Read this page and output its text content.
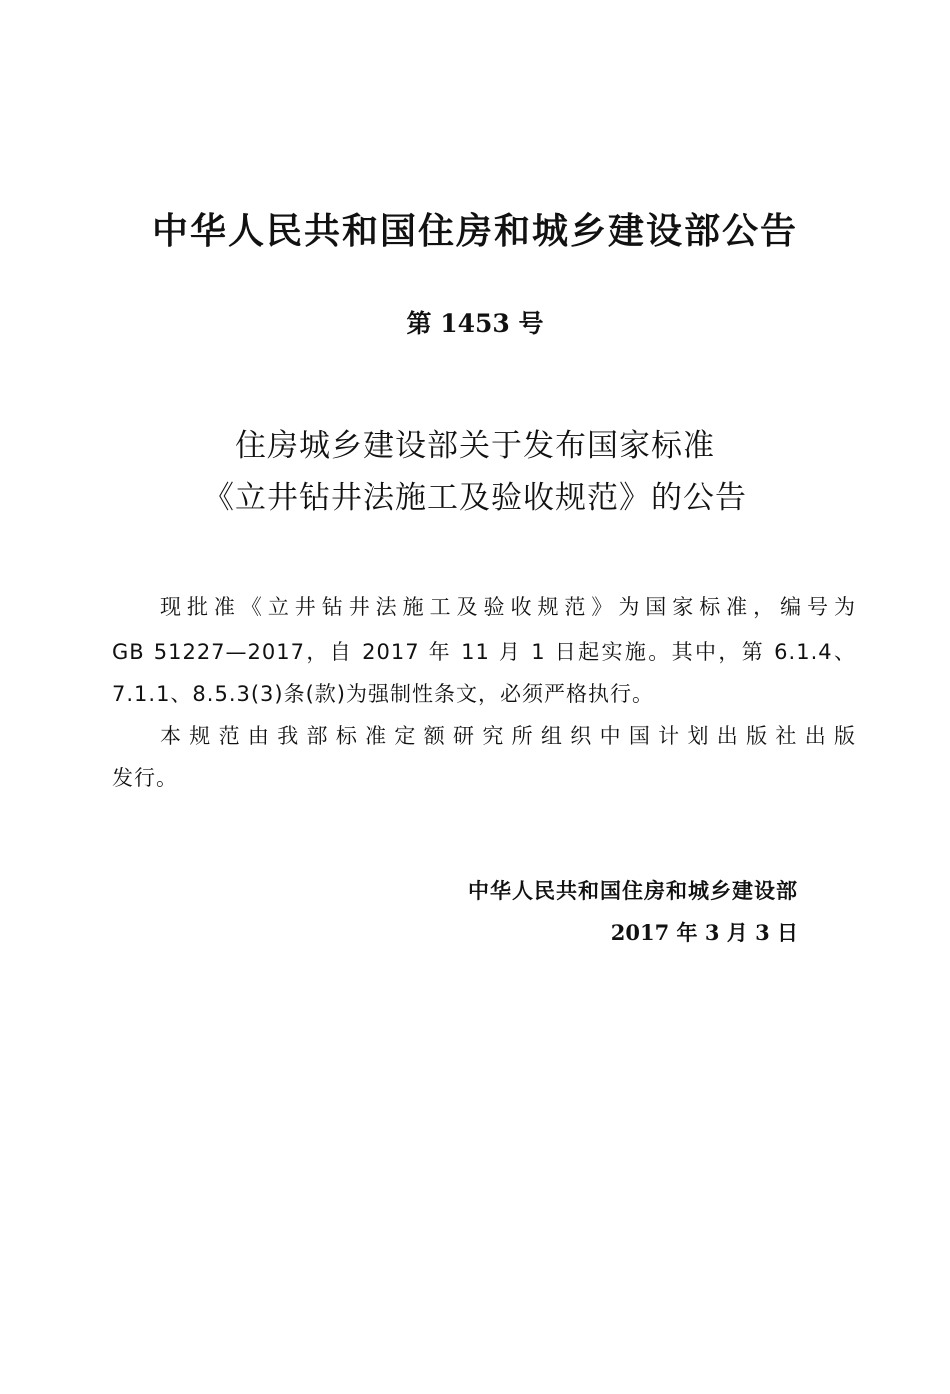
中华人民共和国住房和城乡建设部公告
第 1453 号
住房城乡建设部关于发布国家标准
《立井钻井法施工及验收规范》的公告
现批准《立井钻井法施工及验收规范》为国家标准，编号为
GB 51227—2017，自 2017 年 11 月 1 日起实施。其中，第 6.1.4、
7.1.1、8.5.3(3)条(款)为强制性条文，必须严格执行。
本规范由我部标准定额研究所组织中国计划出版社出版
发行。
中华人民共和国住房和城乡建设部
2017 年 3 月 3 日
